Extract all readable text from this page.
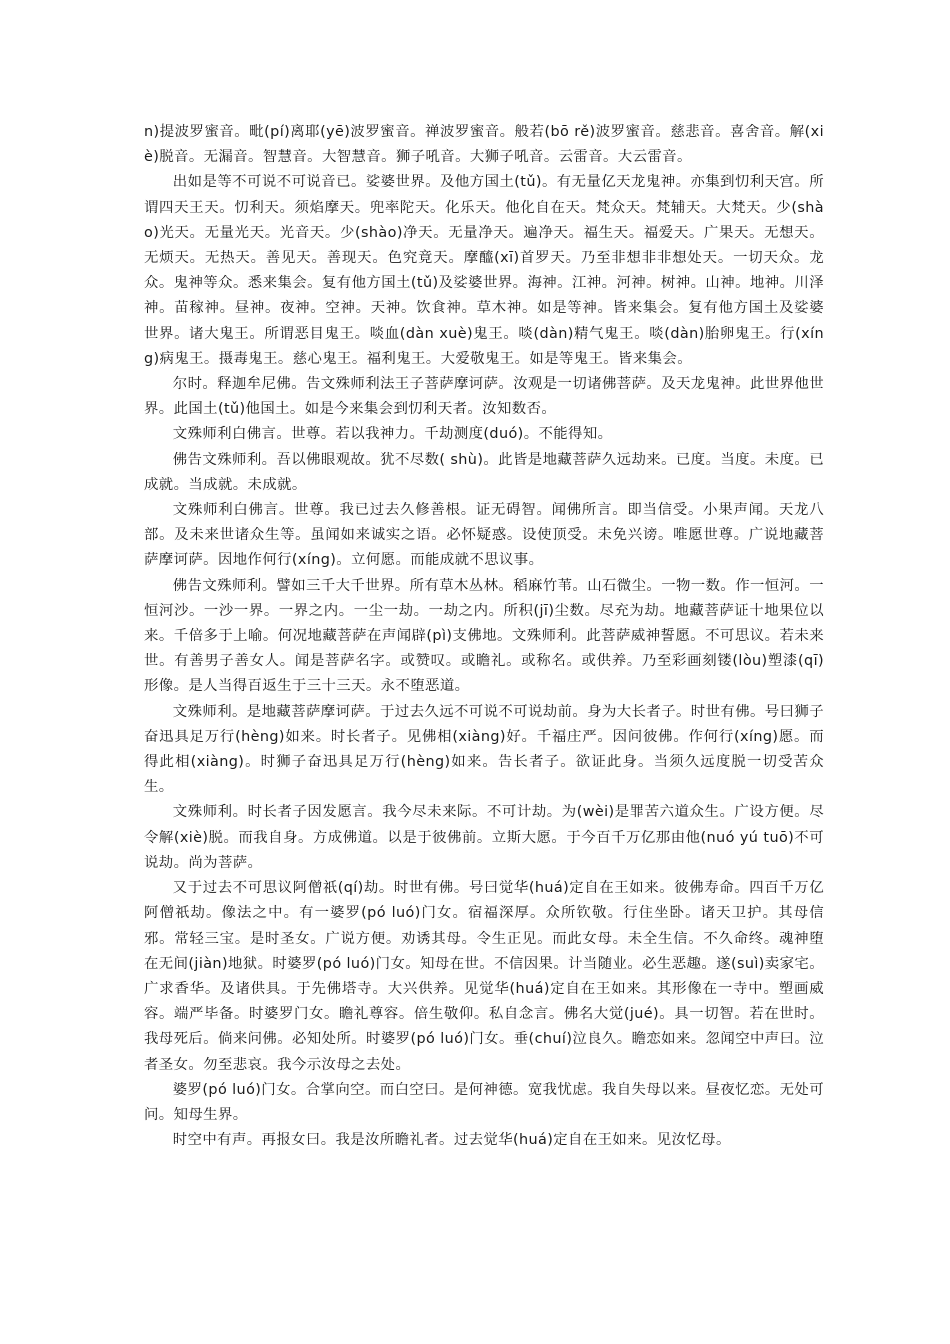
n)提波罗蜜音。毗(pí)离耶(yē)波罗蜜音。禅波罗蜜音。般若(bō rě)波罗蜜音。慈悲音。喜舍音。解(xiè)脱音。无漏音。智慧音。大智慧音。狮子吼音。大狮子吼音。云雷音。大云雷音。

出如是等不可说不可说音已。娑婆世界。及他方国土(tǔ)。有无量亿天龙鬼神。亦集到忉利天宫。所谓四天王天。忉利天。须焰摩天。兜率陀天。化乐天。他化自在天。梵众天。梵辅天。大梵天。少(shào)光天。无量光天。光音天。少(shào)净天。无量净天。遍净天。福生天。福爱天。广果天。无想天。无烦天。无热天。善见天。善现天。色究竟天。摩醯(xī)首罗天。乃至非想非非想处天。一切天众。龙众。鬼神等众。悉来集会。复有他方国土(tǔ)及娑婆世界。海神。江神。河神。树神。山神。地神。川泽神。苗稼神。昼神。夜神。空神。天神。饮食神。草木神。如是等神。皆来集会。复有他方国土及娑婆世界。诸大鬼王。所谓恶目鬼王。啖血(dàn xuè)鬼王。啖(dàn)精气鬼王。啖(dàn)胎卵鬼王。行(xíng)病鬼王。摄毒鬼王。慈心鬼王。福利鬼王。大爱敬鬼王。如是等鬼王。皆来集会。

尔时。释迦牟尼佛。告文殊师利法王子菩萨摩诃萨。汝观是一切诸佛菩萨。及天龙鬼神。此世界他世界。此国土(tǔ)他国土。如是今来集会到忉利天者。汝知数否。

文殊师利白佛言。世尊。若以我神力。千劫测度(duó)。不能得知。

佛告文殊师利。吾以佛眼观故。犹不尽数( shù)。此皆是地藏菩萨久远劫来。已度。当度。未度。已成就。当成就。未成就。

文殊师利白佛言。世尊。我已过去久修善根。证无碍智。闻佛所言。即当信受。小果声闻。天龙八部。及未来世诸众生等。虽闻如来诚实之语。必怀疑惑。设使顶受。未免兴谤。唯愿世尊。广说地藏菩萨摩诃萨。因地作何行(xíng)。立何愿。而能成就不思议事。

佛告文殊师利。譬如三千大千世界。所有草木丛林。稻麻竹苇。山石微尘。一物一数。作一恒河。一恒河沙。一沙一界。一界之内。一尘一劫。一劫之内。所积(jī)尘数。尽充为劫。地藏菩萨证十地果位以来。千倍多于上喻。何况地藏菩萨在声闻辟(pì)支佛地。文殊师利。此菩萨威神誓愿。不可思议。若未来世。有善男子善女人。闻是菩萨名字。或赞叹。或瞻礼。或称名。或供养。乃至彩画刻镂(lòu)塑漆(qī)形像。是人当得百返生于三十三天。永不堕恶道。

文殊师利。是地藏菩萨摩诃萨。于过去久远不可说不可说劫前。身为大长者子。时世有佛。号曰狮子奋迅具足万行(hèng)如来。时长者子。见佛相(xiàng)好。千福庄严。因问彼佛。作何行(xíng)愿。而得此相(xiàng)。时狮子奋迅具足万行(hèng)如来。告长者子。欲证此身。当须久远度脱一切受苦众生。

文殊师利。时长者子因发愿言。我今尽未来际。不可计劫。为(wèi)是罪苦六道众生。广设方便。尽令解(xiè)脱。而我自身。方成佛道。以是于彼佛前。立斯大愿。于今百千万亿那由他(nuó yú tuō)不可说劫。尚为菩萨。

又于过去不可思议阿僧祇(qí)劫。时世有佛。号曰觉华(huá)定自在王如来。彼佛寿命。四百千万亿阿僧祇劫。像法之中。有一婆罗(pó luó)门女。宿福深厚。众所钦敬。行住坐卧。诸天卫护。其母信邪。常轻三宝。是时圣女。广说方便。劝诱其母。令生正见。而此女母。未全生信。不久命终。魂神堕在无间(jiàn)地狱。时婆罗(pó luó)门女。知母在世。不信因果。计当随业。必生恶趣。遂(suì)卖家宅。广求香华。及诸供具。于先佛塔寺。大兴供养。见觉华(huá)定自在王如来。其形像在一寺中。塑画威容。端严毕备。时婆罗门女。瞻礼尊容。倍生敬仰。私自念言。佛名大觉(jué)。具一切智。若在世时。我母死后。倘来问佛。必知处所。时婆罗(pó luó)门女。垂(chuí)泣良久。瞻恋如来。忽闻空中声曰。泣者圣女。勿至悲哀。我今示汝母之去处。

婆罗(pó luó)门女。合掌向空。而白空曰。是何神德。宽我忧虑。我自失母以来。昼夜忆恋。无处可问。知母生界。

时空中有声。再报女曰。我是汝所瞻礼者。过去觉华(huá)定自在王如来。见汝忆母。
